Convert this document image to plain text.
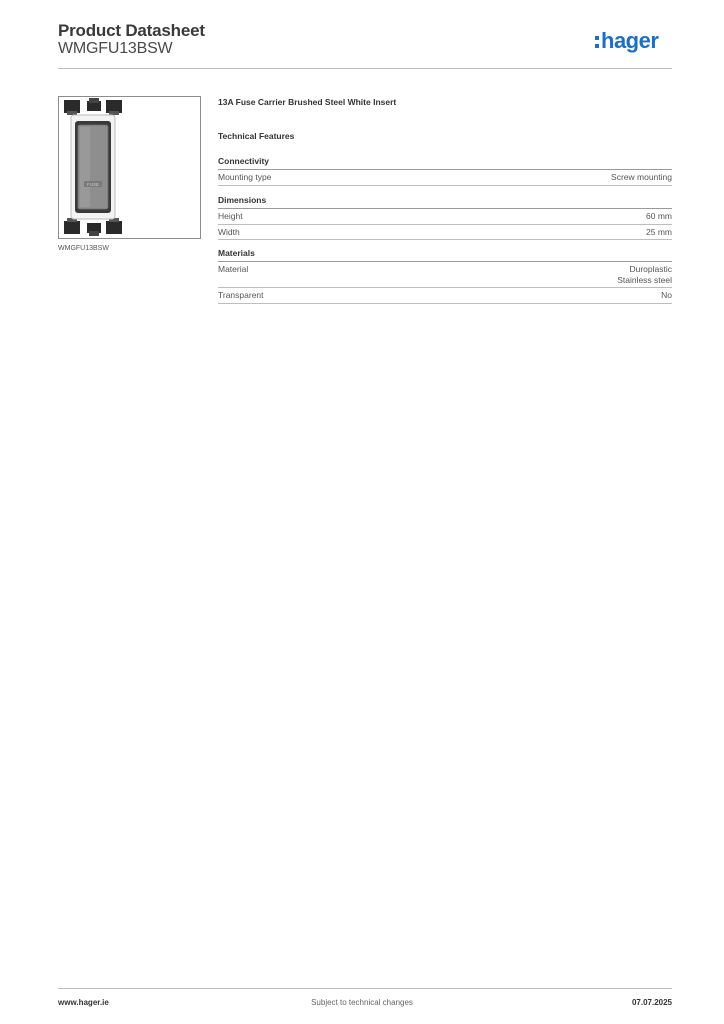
Product Datasheet
WMGFU13BSW	hager
FUSE
WMGFU13BSW
13A Fuse Carrier Brushed Steel White Insert
Technical Features
Connectivity
Mounting type	Screw mounting
Dimensions
Height	60 mm
Width	25 mm
Materials
Material	Duroplastic
Stainless steel
Transparent	No
www.hager.ie	Subject to technical changes	07.07.2025
